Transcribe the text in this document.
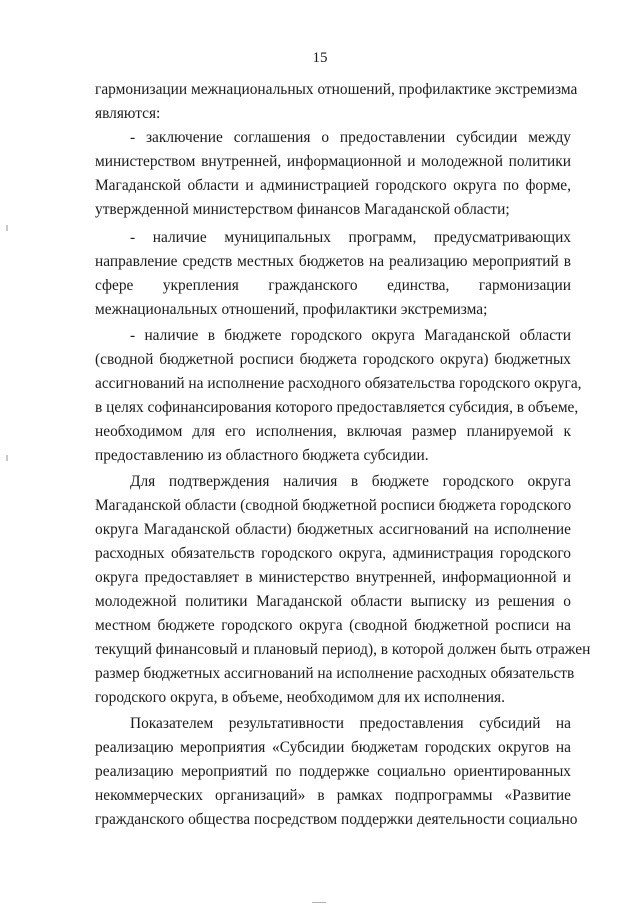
15
гармонизации межнациональных отношений, профилактике экстремизма
являются:
- заключение соглашения о предоставлении субсидии между
министерством внутренней, информационной и молодежной политики
Магаданской области и администрацией городского округа по форме,
утвержденной министерством финансов Магаданской области;
- наличие муниципальных программ, предусматривающих
направление средств местных бюджетов на реализацию мероприятий в
сфере укрепления гражданского единства, гармонизации
межнациональных отношений, профилактики экстремизма;
- наличие в бюджете городского округа Магаданской области
(сводной бюджетной росписи бюджета городского округа) бюджетных
ассигнований на исполнение расходного обязательства городского округа,
в целях софинансирования которого предоставляется субсидия, в объеме,
необходимом для его исполнения, включая размер планируемой к
предоставлению из областного бюджета субсидии.
Для подтверждения наличия в бюджете городского округа
Магаданской области (сводной бюджетной росписи бюджета городского
округа Магаданской области) бюджетных ассигнований на исполнение
расходных обязательств городского округа, администрация городского
округа предоставляет в министерство внутренней, информационной и
молодежной политики Магаданской области выписку из решения о
местном бюджете городского округа (сводной бюджетной росписи на
текущий финансовый и плановый период), в которой должен быть отражен
размер бюджетных ассигнований на исполнение расходных обязательств
городского округа, в объеме, необходимом для их исполнения.
Показателем результативности предоставления субсидий на
реализацию мероприятия «Субсидии бюджетам городских округов на
реализацию мероприятий по поддержке социально ориентированных
некоммерческих организаций» в рамках подпрограммы «Развитие
гражданского общества посредством поддержки деятельности социально
